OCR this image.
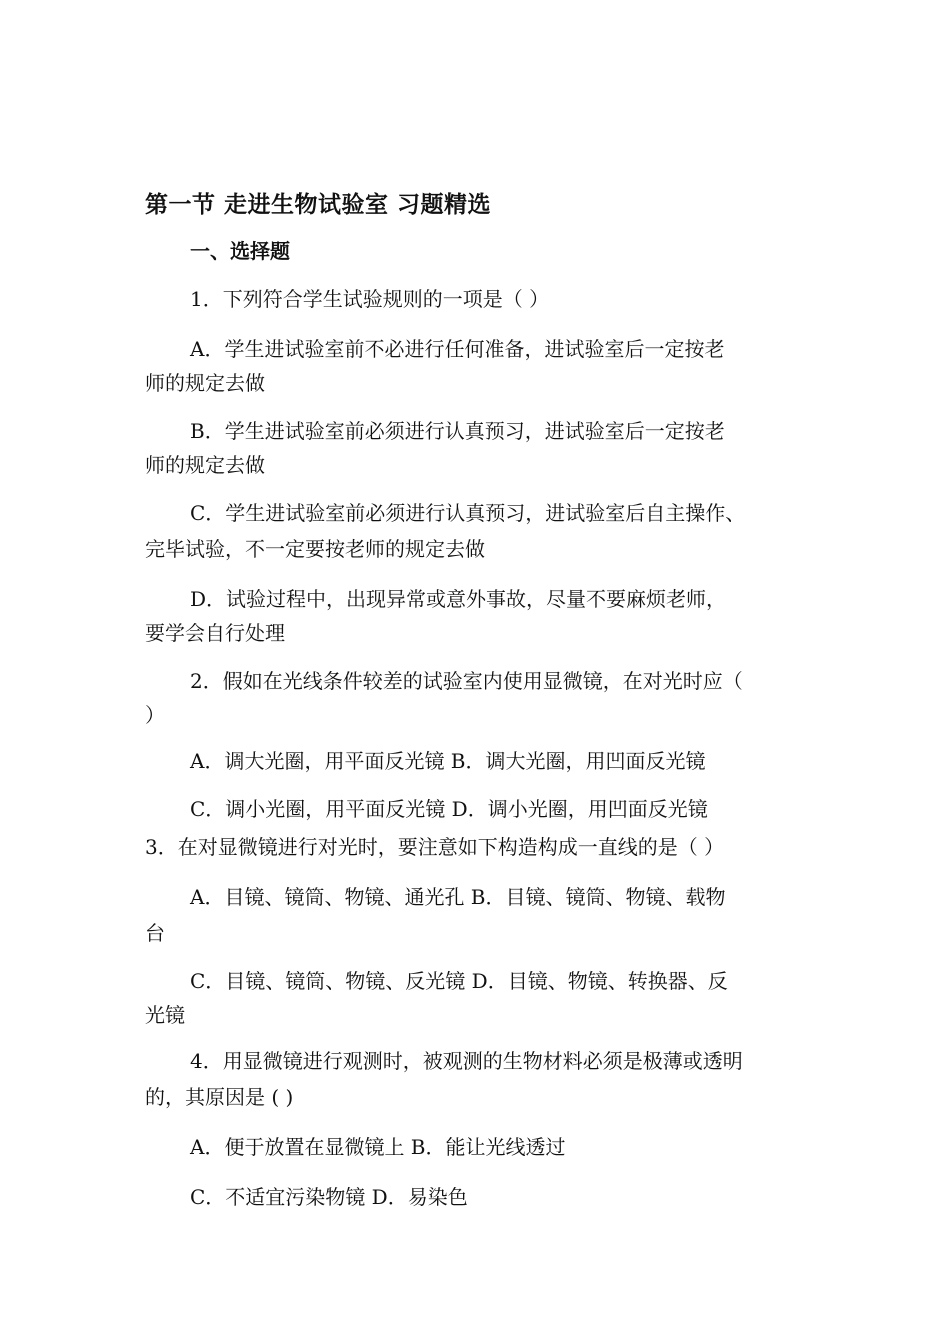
第一节 走进生物试验室 习题精选
一、选择题
1．下列符合学生试验规则的一项是（ ）
A．学生进试验室前不必进行任何准备，进试验室后一定按老
师的规定去做
B．学生进试验室前必须进行认真预习，进试验室后一定按老
师的规定去做
C．学生进试验室前必须进行认真预习，进试验室后自主操作、
完毕试验，不一定要按老师的规定去做
D．试验过程中，出现异常或意外事故，尽量不要麻烦老师，
要学会自行处理
2．假如在光线条件较差的试验室内使用显微镜，在对光时应（
）
A．调大光圈，用平面反光镜 B．调大光圈，用凹面反光镜
C．调小光圈，用平面反光镜 D．调小光圈，用凹面反光镜
3．在对显微镜进行对光时，要注意如下构造构成一直线的是（ ）
A．目镜、镜筒、物镜、通光孔 B．目镜、镜筒、物镜、载物
台
C．目镜、镜筒、物镜、反光镜 D．目镜、物镜、转换器、反
光镜
4．用显微镜进行观测时，被观测的生物材料必须是极薄或透明
的，其原因是 ( )
A．便于放置在显微镜上 B．能让光线透过
C．不适宜污染物镜 D．易染色
